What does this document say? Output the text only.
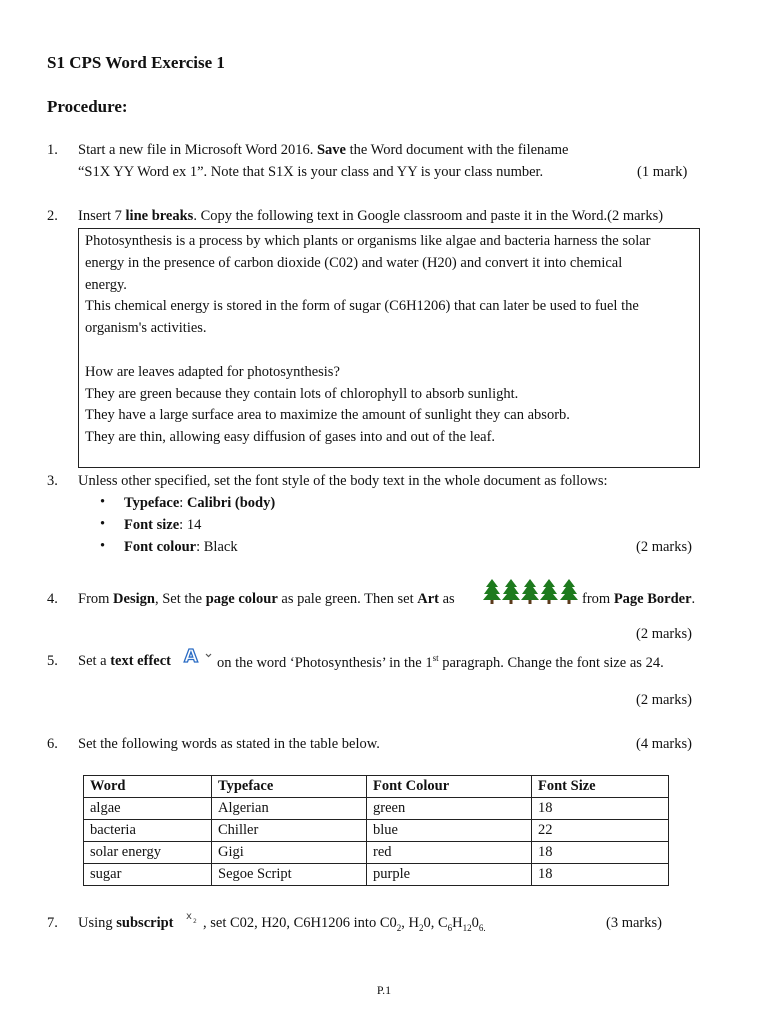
S1 CPS Word Exercise 1
Procedure:
1. Start a new file in Microsoft Word 2016. Save the Word document with the filename
“S1X YY Word ex 1”. Note that S1X is your class and YY is your class number.	(1 mark)
2. Insert 7 line breaks. Copy the following text in Google classroom and paste it in the Word.(2 marks)

Photosynthesis is a process by which plants or organisms like algae and bacteria harness the solar

energy in the presence of carbon dioxide (C02) and water (H20) and convert it into chemical

energy.

This chemical energy is stored in the form of sugar (C6H1206) that can later be used to fuel the

organism's activities.

How are leaves adapted for photosynthesis?

They are green because they contain lots of chlorophyll to absorb sunlight.

They have a large surface area to maximize the amount of sunlight they can absorb.

They are thin, allowing easy diffusion of gases into and out of the leaf.

3. Unless other specified, set the font style of the body text in the whole document as follows:
• Typeface: Calibri (body)
• Font size: 14
• Font colour: Black	(2 marks)
4. From Design, Set the page colour as pale green. Then set Art as	from Page Border.
(2 marks)
5. Set a text effect A on the word ‘Photosynthesis’ in the 1st paragraph. Change the font size as 24.
(2 marks)
6. Set the following words as stated in the table below.	(4 marks)
Word	Typeface	Font Colour	Font Size
algae	Algerian	green	18
bacteria	Chiller	blue	22
solar energy	Gigi	red	18
sugar	Segoe Script	purple	18
7. Using subscript x 2 , set C02, H20, C6H1206 into $C0_2$, $H_20$, $C_6H_{12}0_{6.}$	(3 marks)
P.1
